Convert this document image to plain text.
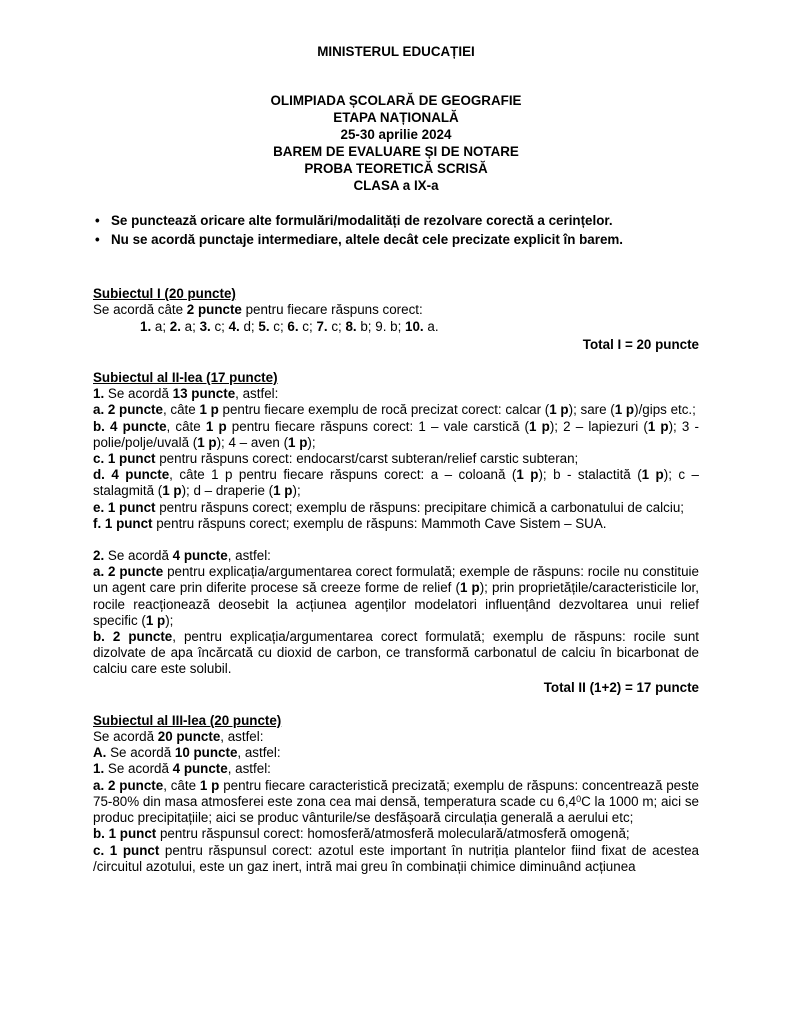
MINISTERUL EDUCAȚIEI
OLIMPIADA ȘCOLARĂ DE GEOGRAFIE
ETAPA NAȚIONALĂ
25-30 aprilie 2024
BAREM DE EVALUARE ȘI DE NOTARE
PROBA TEORETICĂ SCRISĂ
CLASA a IX-a
• Se punctează oricare alte formulări/modalități de rezolvare corectă a cerințelor.
• Nu se acordă punctaje intermediare, altele decât cele precizate explicit în barem.
Subiectul I (20 puncte)
Se acordă câte 2 puncte pentru fiecare răspuns corect:
1. a; 2. a; 3. c; 4. d; 5. c; 6. c; 7. c; 8. b; 9. b; 10. a.
Total I = 20 puncte
Subiectul al II-lea (17 puncte)
1. Se acordă 13 puncte, astfel:
a. 2 puncte, câte 1 p pentru fiecare exemplu de rocă precizat corect: calcar (1 p); sare (1 p)/gips etc.;
b. 4 puncte, câte 1 p pentru fiecare răspuns corect: 1 – vale carstică (1 p); 2 – lapiezuri (1 p); 3 - polie/polje/uvală (1 p); 4 – aven (1 p);
c. 1 punct pentru răspuns corect: endocarst/carst subteran/relief carstic subteran;
d. 4 puncte, câte 1 p pentru fiecare răspuns corect: a – coloană (1 p); b - stalactită (1 p); c – stalagmită (1 p); d – draperie (1 p);
e. 1 punct pentru răspuns corect; exemplu de răspuns: precipitare chimică a carbonatului de calciu;
f. 1 punct pentru răspuns corect; exemplu de răspuns: Mammoth Cave Sistem – SUA.
2. Se acordă 4 puncte, astfel:
a. 2 puncte pentru explicația/argumentarea corect formulată; exemple de răspuns: rocile nu constituie un agent care prin diferite procese să creeze forme de relief (1 p); prin proprietățile/caracteristicile lor, rocile reacționează deosebit la acțiunea agenților modelatori influențând dezvoltarea unui relief specific (1 p);
b. 2 puncte, pentru explicația/argumentarea corect formulată; exemplu de răspuns: rocile sunt dizolvate de apa încărcată cu dioxid de carbon, ce transformă carbonatul de calciu în bicarbonat de calciu care este solubil.
Total II (1+2) = 17 puncte
Subiectul al III-lea (20 puncte)
Se acordă 20 puncte, astfel:
A. Se acordă 10 puncte, astfel:
1. Se acordă 4 puncte, astfel:
a. 2 puncte, câte 1 p pentru fiecare caracteristică precizată; exemplu de răspuns: concentrează peste 75-80% din masa atmosferei este zona cea mai densă, temperatura scade cu $6,4^0C$ la 1000 m; aici se produc precipitațiile; aici se produc vânturile/se desfășoară circulația generală a aerului etc;
b. 1 punct pentru răspunsul corect: homosferă/atmosferă moleculară/atmosferă omogenă;
c. 1 punct pentru răspunsul corect: azotul este important în nutriția plantelor fiind fixat de acestea /circuitul azotului, este un gaz inert, intră mai greu în combinații chimice diminuând acțiunea
